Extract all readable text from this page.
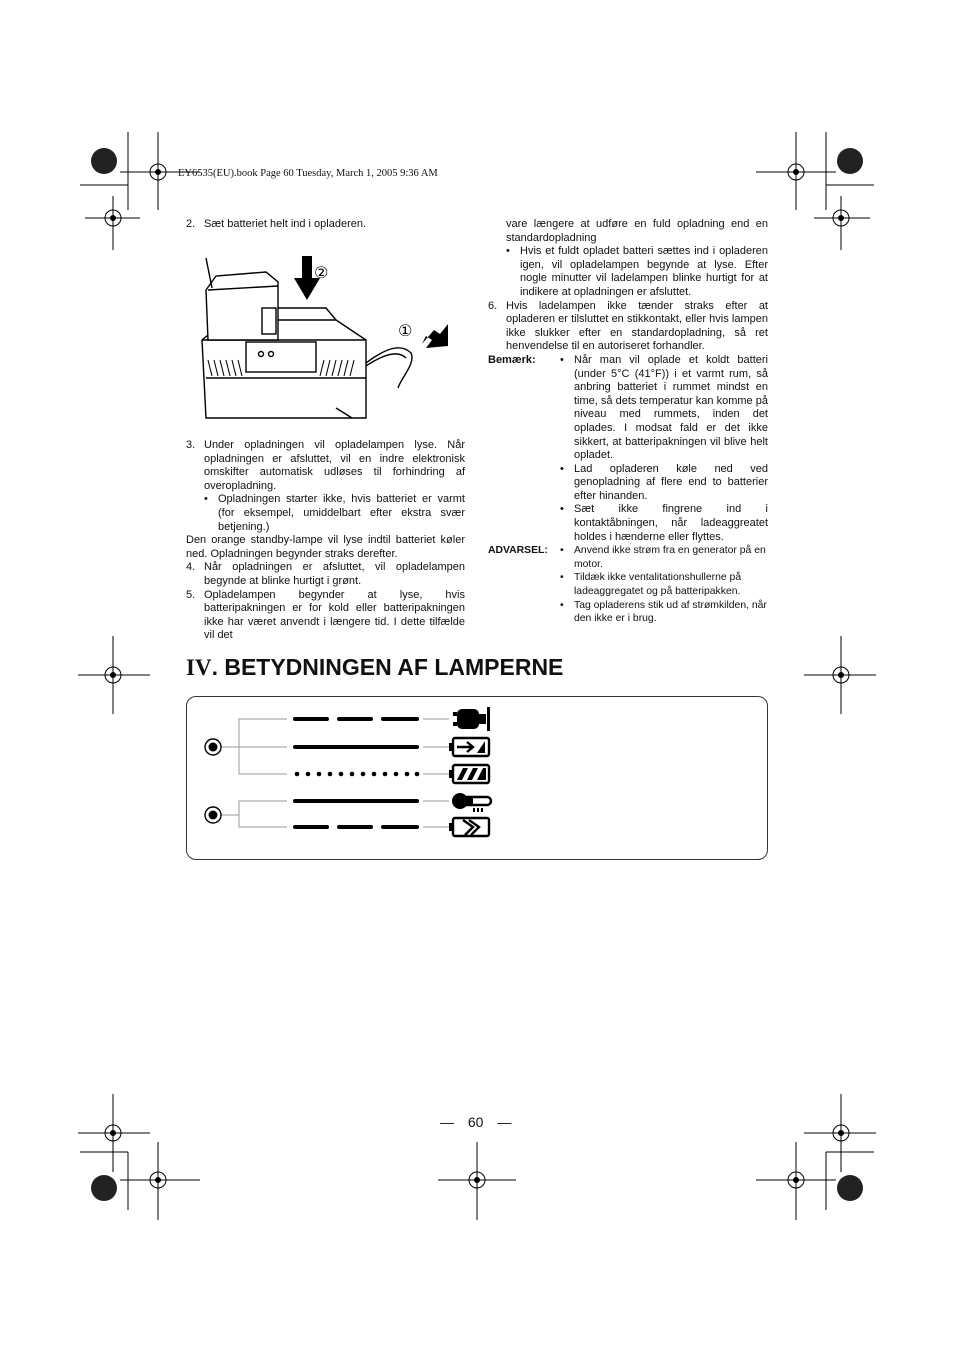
EY6535(EU).book Page 60 Tuesday, March 1, 2005 9:36 AM
2. Sæt batteriet helt ind i opladeren.
②
①
3. Under opladningen vil opladelampen lyse. Når opladningen er afsluttet, vil en indre elektronisk omskifter automatisk udløses til forhindring af overopladning.
• Opladningen starter ikke, hvis batteriet er varmt (for eksempel, umiddelbart efter ekstra svær betjening.)

Den orange standby-lampe vil lyse indtil batteriet køler ned. Opladningen begynder straks derefter.

4. Når opladningen er afsluttet, vil opladelampen begynde at blinke hurtigt i grønt.
5. Opladelampen begynder at lyse, hvis batteripakningen er for kold eller batteripakningen ikke har været anvendt i længere tid. I dette tilfælde vil det

vare længere at udføre en fuld opladning end en standardopladning

• Hvis et fuldt opladet batteri sættes ind i opladeren igen, vil opladelampen begynde at lyse. Efter nogle minutter vil ladelampen blinke hurtigt for at indikere at opladningen er afsluttet.
6. Hvis ladelampen ikke tænder straks efter at opladeren er tilsluttet en stikkontakt, eller hvis lampen ikke slukker efter en standardopladning, så ret henvendelse til en autoriseret forhandler.
Bemærk:	• Når man vil oplade et koldt batteri (under 5°C (41°F)) i et varmt rum, så anbring batteriet i rummet mindst en time, så dets temperatur kan komme på niveau med rummets, inden det oplades. I modsat fald er det ikke sikkert, at batteripakningen vil blive helt opladet.
• Lad opladeren køle ned ved genopladning af flere end to batterier efter hinanden.
• Sæt ikke fingrene ind i kontaktåbningen, når ladeaggreatet holdes i hænderne eller flyttes.
ADVARSEL:	• Anvend ikke strøm fra en generator på en motor.
• Tildæk ikke ventalitationshullerne på ladeaggregatet og på batteripakken.
• Tag opladerens stik ud af strømkilden, når den ikke er i brug.
IV. BETYDNINGEN AF LAMPERNE
— 60 —
